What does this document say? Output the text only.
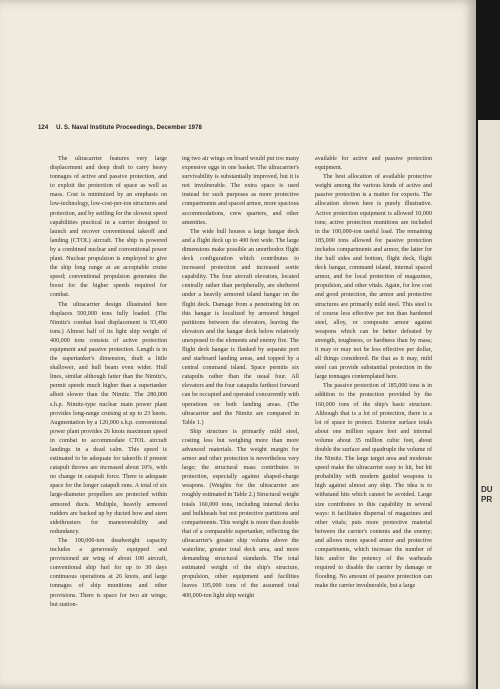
124 U. S. Naval Institute Proceedings, December 1978

The ultracarrier features very large displacement and deep draft to carry heavy tonnages of active and passive protection, and to exploit the protection of space as well as mass. Cost is minimized by an emphasis on low-technology, low-cost-per-ton structures and protection, and by settling for the slowest speed capabilities practical in a carrier designed to launch and recover conventional takeoff and landing (CTOL) aircraft. The ship is powered by a combined nuclear and conventional power plant. Nuclear propulsion is employed to give the ship long range at an acceptable cruise speed; conventional propulsion generates the boost for the higher speeds required for combat.

The ultracarrier design illustrated here displaces 500,000 tons fully loaded. (The Nimitz's combat load displacement is 93,400 tons.) Almost half of its light ship weight of 400,000 tons consists of active protection equipment and passive protection. Length is in the supertanker's dimension, draft a little shallower, and hull beam even wider. Hull lines, similar although fatter than the Nimitz's, permit speeds much higher than a supertanker albeit slower than the Nimitz. The 280,000 s.h.p. Nimitz-type nuclear main power plant provides long-range cruising at up to 23 knots. Augmentation by a 120,000 s.h.p. conventional power plant provides 26 knots maximum speed in combat to accommodate CTOL aircraft landings in a dead calm. This speed is estimated to be adequate for takeoffs if present catapult throws are increased about 10%, with no change in catapult force. There is adequate space for the longer catapult runs. A total of six large-diameter propellers are protected within armored ducts. Multiple, heavily armored rudders are backed up by ducted bow and stern sidethrusters for maneuverability and redundancy.

The 100,000-ton deadweight capacity includes a generously equipped and provisioned air wing of about 100 aircraft, conventional ship fuel for up to 30 days continuous operations at 26 knots, and large tonnages of ship munitions and other provisions. There is space for two air wings; but station-

ing two air wings on board would put too many expensive eggs in one basket. The ultracarrier's survivability is substantially improved, but it is not invulnerable. The extra space is used instead for such purposes as more protective compartments and spaced armor, more spacious accommodations, crew quarters, and other amenities.

The wide hull houses a large hangar deck and a flight deck up to 400 feet wide. The large dimensions make possible an unorthodox flight deck configuration which contributes to increased protection and increased sortie capability. The four aircraft elevators, located centrally rather than peripherally, are sheltered under a heavily armored island hangar on the flight deck. Damage from a penetrating hit on this hangar is localized by armored hinged partitions between the elevators, leaving the elevators and the hangar deck below relatively unexposed to the elements and enemy fire. The flight deck hangar is flanked by separate port and starboard landing areas, and topped by a central command island. Space permits six catapults rather than the usual four. All elevators and the four catapults farthest forward can be occupied and operated concurrently with operations on both landing areas. (The ultracarrier and the Nimitz are compared in Table 1.)

Ship structure is primarily mild steel, costing less but weighing more than more advanced materials. The weight margin for armor and other protection is nevertheless very large; the structural mass contributes to protection, especially against shaped-charge weapons. (Weights for the ultracarrier are roughly estimated in Table 2.) Structural weight totals 160,000 tons, including internal decks and bulkheads but not protective partitions and compartments. This weight is more than double that of a comparable supertanker, reflecting the ultracarrier's greater ship volume above the waterline, greater total deck area, and more demanding structural standards. The total estimated weight of the ship's structure, propulsion, other equipment and facilities leaves 195,000 tons of the assumed total 400,000-ton light ship weight

available for active and passive protection equipment.

The best allocation of available protective weight among the various kinds of active and passive protection is a matter for experts. The allocation shown here is purely illustrative. Active protection equipment is allowed 10,000 tons; active protection munitions are included in the 100,000-ton useful load. The remaining 185,000 tons allowed for passive protection includes compartments and armor, the latter for the hull sides and bottom, flight deck, flight deck hangar, command island, internal spaced armor, and for local protection of magazines, propulsion, and other vitals. Again, for low cost and good protection, the armor and protective structures are primarily mild steel. This steel is of course less effective per ton than hardened steel, alloy, or composite armor against weapons which can be better defeated by strength, toughness, or hardness than by mass; it may or may not be less effective per dollar, all things considered. Be that as it may, mild steel can provide substantial protection in the large tonnages contemplated here.

The passive protection of 185,000 tons is in addition to the protection provided by the 160,000 tons of the ship's basic structure. Although that is a lot of protection, there is a lot of space to protect. Exterior surface totals about one million square feet and internal volume about 35 million cubic feet, about double the surface and quadruple the volume of the Nimitz. The large target area and moderate speed make the ultracarrier easy to hit, but hit probability with modern guided weapons is high against almost any ship. The idea is to withstand hits which cannot be avoided. Large size contributes to this capability in several ways: it facilitates dispersal of magazines and other vitals; puts more protective material between the carrier's contents and the enemy; and allows more spaced armor and protective compartments, which increase the number of hits and/or the potency of the warheads required to disable the carrier by damage or flooding. No amount of passive protection can make the carrier invulnerable, but a large

DU
PR
